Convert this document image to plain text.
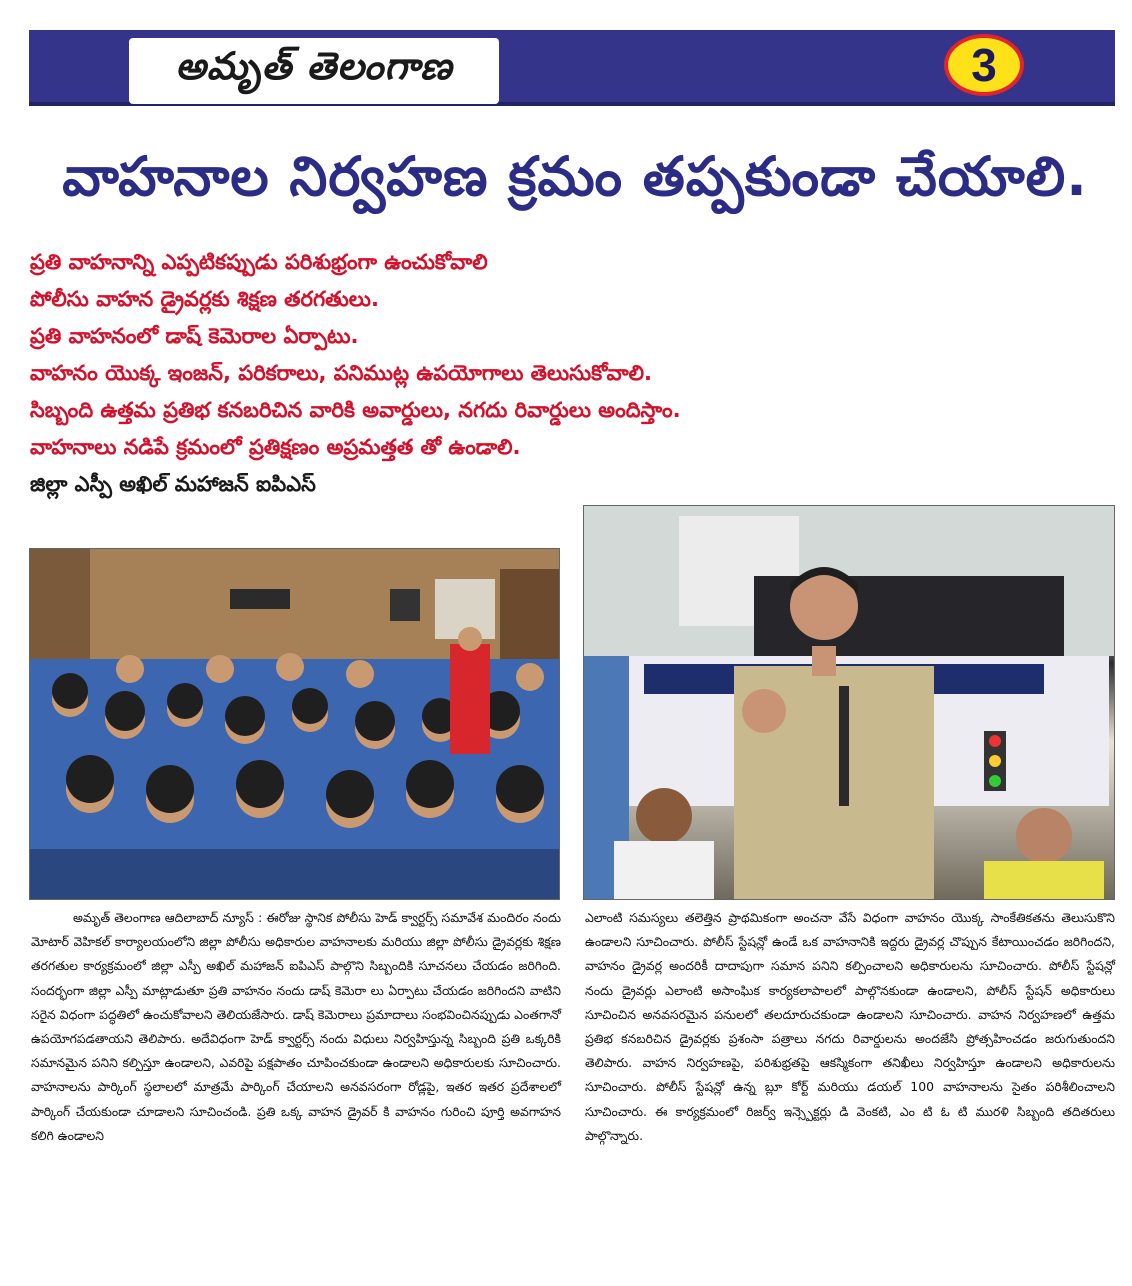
అమృత్ తెలంగాణ	3
వాహనాల నిర్వహణ క్రమం తప్పకుండా చేయాలి.
ప్రతి వాహనాన్ని ఎప్పటికప్పుడు పరిశుభ్రంగా ఉంచుకోవాలి
పోలీసు వాహన డ్రైవర్లకు శిక్షణ తరగతులు.
ప్రతి వాహనంలో డాష్ కెమెరాల ఏర్పాటు.
వాహనం యొక్క ఇంజన్, పరికరాలు, పనిముట్ల ఉపయోగాలు తెలుసుకోవాలి.
సిబ్బంది ఉత్తమ ప్రతిభ కనబరిచిన వారికి అవార్డులు, నగదు రివార్డులు అందిస్తాం.
వాహనాలు నడిపే క్రమంలో ప్రతిక్షణం అప్రమత్తత తో ఉండాలి.
జిల్లా ఎస్పీ అఖిల్ మహాజన్ ఐపిఎస్
అమృత్ తెలంగాణ ఆదిలాబాద్ న్యూస్ : ఈరోజు స్థానిక పోలీసు హెడ్ క్వార్టర్స్ సమావేశ మందిరం నందు మోటార్ వెహికల్ కార్యాలయంలోని జిల్లా పోలీసు అధికారుల వాహనాలకు మరియు జిల్లా పోలీసు డ్రైవర్లకు శిక్షణ తరగతుల కార్యక్రమంలో జిల్లా ఎస్పీ అఖిల్ మహాజన్ ఐపిఎస్ పాల్గొని సిబ్బందికి సూచనలు చేయడం జరిగింది. సందర్భంగా జిల్లా ఎస్పీ మాట్లాడుతూ ప్రతి వాహనం నందు డాష్ కెమెరా లు ఏర్పాటు చేయడం జరిగిందని వాటిని సరైన విధంగా పద్ధతిలో ఉంచుకోవాలని తెలియజేసారు. డాష్ కెమెరాలు ప్రమాదాలు సంభవించినప్పుడు ఎంతగానో ఉపయోగపడతాయని తెలిపారు. అదేవిధంగా హెడ్ క్వార్టర్స్ నందు విధులు నిర్వహిస్తున్న సిబ్బంది ప్రతి ఒక్కరికి సమానమైన పనిని కల్పిస్తూ ఉండాలని, ఎవరిపై పక్షపాతం చూపించకుండా ఉండాలని అధికారులకు సూచించారు. వాహనాలను పార్కింగ్ స్థలాలలో మాత్రమే పార్కింగ్ చేయాలని అనవసరంగా రోడ్లపై, ఇతర ఇతర ప్రదేశాలలో పార్కింగ్ చేయకుండా చూడాలని సూచించండి. ప్రతి ఒక్క వాహన డ్రైవర్ కి వాహనం గురించి పూర్తి అవగాహన కలిగి ఉండాలని
ఎలాంటి సమస్యలు తలెత్తిన ప్రాథమికంగా అంచనా వేసే విధంగా వాహనం యొక్క సాంకేతికతను తెలుసుకొని ఉండాలని సూచించారు. పోలీస్ స్టేషన్లో ఉండే ఒక వాహనానికి ఇద్దరు డ్రైవర్ల చొప్పున కేటాయించడం జరిగిందని, వాహనం డ్రైవర్ల అందరికీ దాదాపుగా సమాన పనిని కల్పించాలని అధికారులను సూచించారు. పోలీస్ స్టేషన్లో నందు డ్రైవర్లు ఎలాంటి అసాంఘిక కార్యకలాపాలలో పాల్గొనకుండా ఉండాలని, పోలీస్ స్టేషన్ అధికారులు సూచించిన అనవసరమైన పనులలో తలదూరుచకుండా ఉండాలని సూచించారు. వాహన నిర్వహణలో ఉత్తమ ప్రతిభ కనబరిచిన డ్రైవర్లకు ప్రశంసా పత్రాలు నగదు రివార్డులను అందజేసి ప్రోత్సహించడం జరుగుతుందని తెలిపారు. వాహన నిర్వహణపై, పరిశుభ్రతపై ఆకస్మికంగా తనిఖీలు నిర్వహిస్తూ ఉండాలని అధికారులను సూచించారు. పోలీస్ స్టేషన్లో ఉన్న బ్లూ కోర్ట్ మరియు డయల్ 100 వాహనాలను సైతం పరిశీలించాలని సూచించారు. ఈ కార్యక్రమంలో రిజర్వ్ ఇన్స్పెక్టర్లు డి వెంకటి, ఎం టి ఓ టి మురళి సిబ్బంది తదితరులు పాల్గొన్నారు.
